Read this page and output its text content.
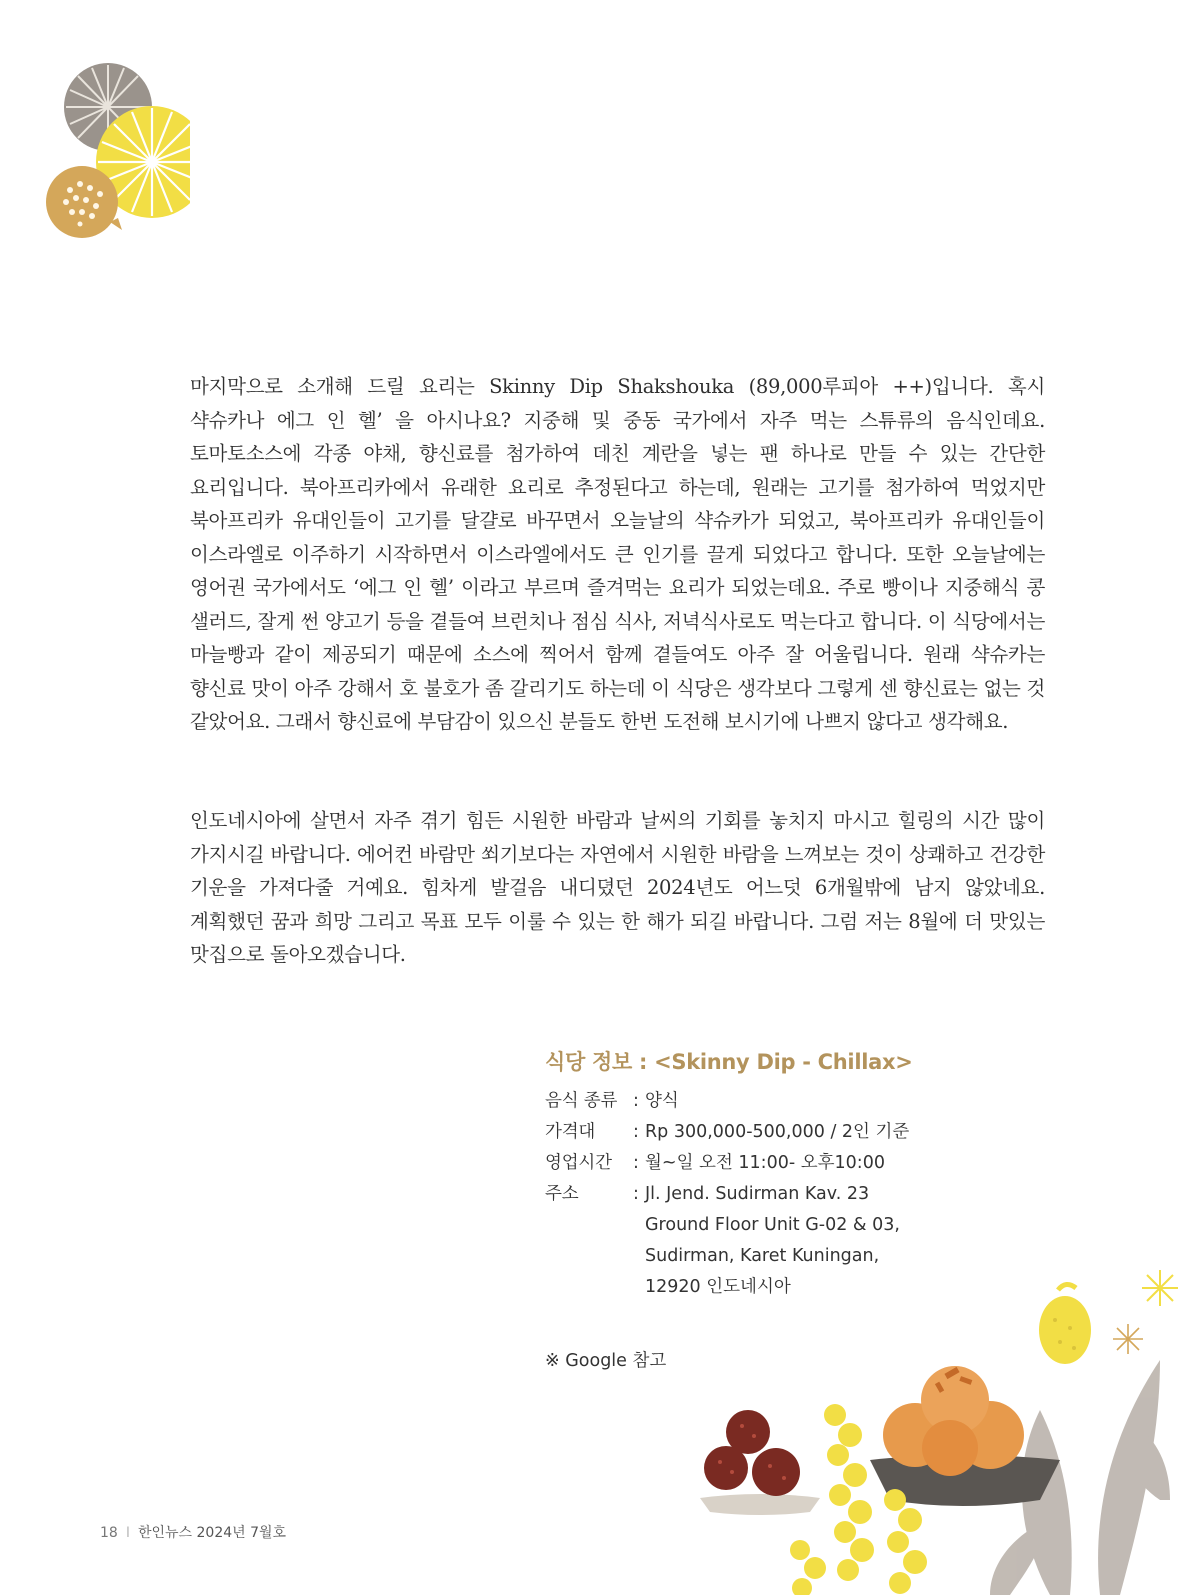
마지막으로 소개해 드릴 요리는 Skinny Dip Shakshouka (89,000루피아 ++)입니다. 혹시 샥슈카나 에그 인 헬’ 을 아시나요? 지중해 및 중동 국가에서 자주 먹는 스튜류의 음식인데요. 토마토소스에 각종 야채, 향신료를 첨가하여 데친 계란을 넣는 팬 하나로 만들 수 있는 간단한 요리입니다. 북아프리카에서 유래한 요리로 추정된다고 하는데, 원래는 고기를 첨가하여 먹었지만 북아프리카 유대인들이 고기를 달걀로 바꾸면서 오늘날의 샥슈카가 되었고, 북아프리카 유대인들이 이스라엘로 이주하기 시작하면서 이스라엘에서도 큰 인기를 끌게 되었다고 합니다. 또한 오늘날에는 영어권 국가에서도 ‘에그 인 헬’ 이라고 부르며 즐겨먹는 요리가 되었는데요. 주로 빵이나 지중해식 콩 샐러드, 잘게 썬 양고기 등을 곁들여 브런치나 점심 식사, 저녁식사로도 먹는다고 합니다. 이 식당에서는 마늘빵과 같이 제공되기 때문에 소스에 찍어서 함께 곁들여도 아주 잘 어울립니다. 원래 샥슈카는 향신료 맛이 아주 강해서 호 불호가 좀 갈리기도 하는데 이 식당은 생각보다 그렇게 센 향신료는 없는 것 같았어요. 그래서 향신료에 부담감이 있으신 분들도 한번 도전해 보시기에 나쁘지 않다고 생각해요.

인도네시아에 살면서 자주 겪기 힘든 시원한 바람과 날씨의 기회를 놓치지 마시고 힐링의 시간 많이 가지시길 바랍니다. 에어컨 바람만 쐬기보다는 자연에서 시원한 바람을 느껴보는 것이 상쾌하고 건강한 기운을 가져다줄 거예요. 힘차게 발걸음 내디뎠던 2024년도 어느덧 6개월밖에 남지 않았네요. 계획했던 꿈과 희망 그리고 목표 모두 이룰 수 있는 한 해가 되길 바랍니다. 그럼 저는 8월에 더 맛있는 맛집으로 돌아오겠습니다.

식당 정보 : <Skinny Dip - Chillax>
음식 종류 : 양식
가격대	: Rp 300,000-500,000 / 2인 기준
영업시간	: 월~일 오전 11:00- 오후10:00
주소	: Jl. Jend. Sudirman Kav. 23
Ground Floor Unit G-02 & 03,
Sudirman, Karet Kuningan,
12920 인도네시아
※ Google 참고
18 I 한인뉴스 2024년 7월호
